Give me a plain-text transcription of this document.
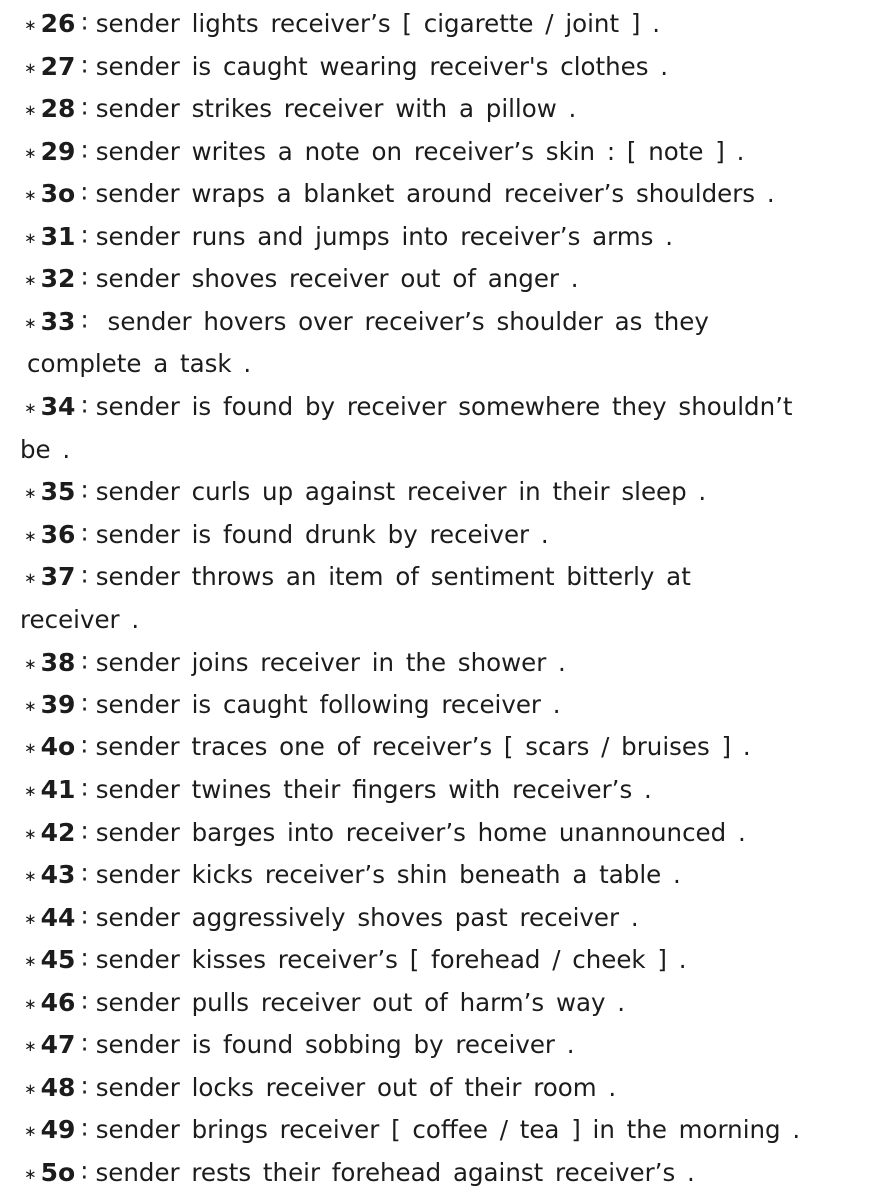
∗ 26 ∶ sender lights receiver’s [ cigarette / joint ] .
∗ 27 ∶ sender is caught wearing receiver's clothes .
∗ 28 ∶ sender strikes receiver with a pillow .
∗ 29 ∶ sender writes a note on receiver’s skin : [ note ] .
∗ 3o ∶ sender wraps a blanket around receiver’s shoulders .
∗ 31 ∶ sender runs and jumps into receiver’s arms .
∗ 32 ∶ sender shoves receiver out of anger .
∗ 33 ∶ sender hovers over receiver’s shoulder as they
complete a task .
∗ 34 ∶ sender is found by receiver somewhere they shouldn’t
be .
∗ 35 ∶ sender curls up against receiver in their sleep .
∗ 36 ∶ sender is found drunk by receiver .
∗ 37 ∶ sender throws an item of sentiment bitterly at
receiver .
∗ 38 ∶ sender joins receiver in the shower .
∗ 39 ∶ sender is caught following receiver .
∗ 4o ∶ sender traces one of receiver’s [ scars / bruises ] .
∗ 41 ∶ sender twines their fingers with receiver’s .
∗ 42 ∶ sender barges into receiver’s home unannounced .
∗ 43 ∶ sender kicks receiver’s shin beneath a table .
∗ 44 ∶ sender aggressively shoves past receiver .
∗ 45 ∶ sender kisses receiver’s [ forehead / cheek ] .
∗ 46 ∶ sender pulls receiver out of harm’s way .
∗ 47 ∶ sender is found sobbing by receiver .
∗ 48 ∶ sender locks receiver out of their room .
∗ 49 ∶ sender brings receiver [ coffee / tea ] in the morning .
∗ 5o ∶ sender rests their forehead against receiver’s .
